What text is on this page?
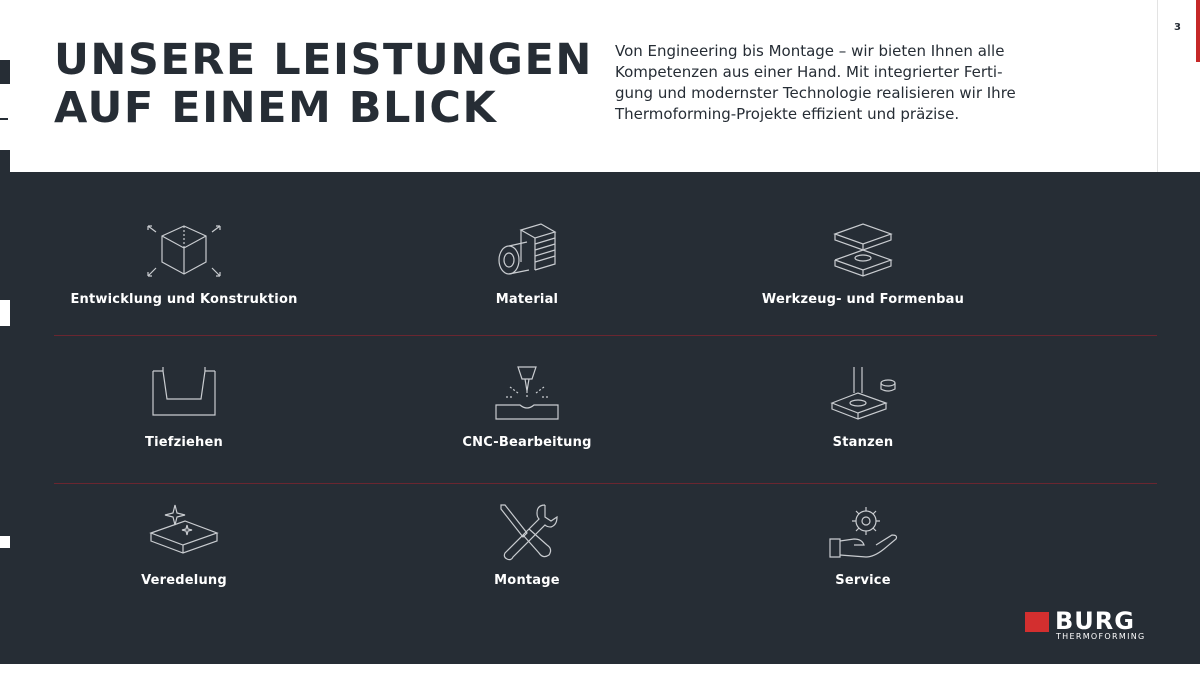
UNSERE LEISTUNGEN
AUF EINEM BLICK

Von Engineering bis Montage – wir bieten Ihnen alle
Kompetenzen aus einer Hand. Mit integrierter Ferti-
gung und modernster Technologie realisieren wir Ihre
Thermoforming-Projekte effizient und präzise.

3
Entwicklung und Konstruktion	Material	Werkzeug- und Formenbau
Tiefziehen	CNC-Bearbeitung	Stanzen
Veredelung	Montage	Service
BURG
THERMOFORMING
